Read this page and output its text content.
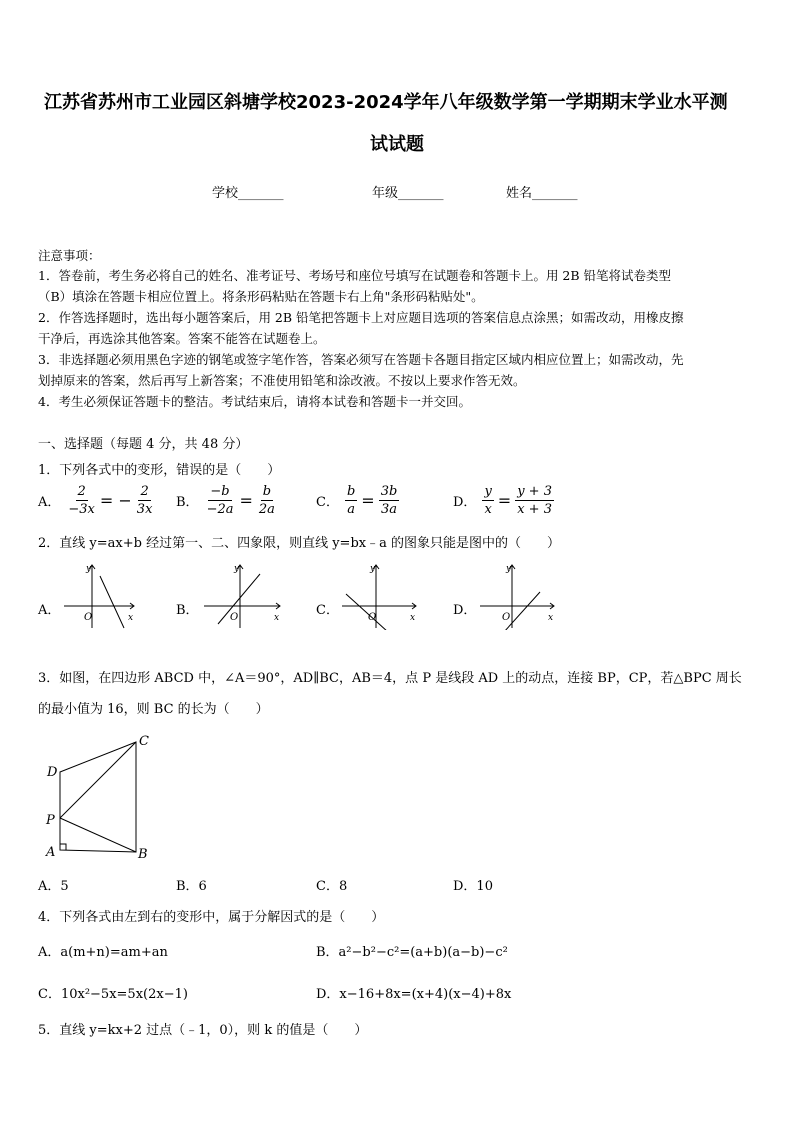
江苏省苏州市工业园区斜塘学校2023-2024学年八年级数学第一学期期末学业水平测
试试题
学校_______	年级_______	姓名_______
注意事项：
1．答卷前，考生务必将自己的姓名、准考证号、考场号和座位号填写在试题卷和答题卡上。用 2B 铅笔将试卷类型
（B）填涂在答题卡相应位置上。将条形码粘贴在答题卡右上角"条形码粘贴处"。
2．作答选择题时，选出每小题答案后，用 2B 铅笔把答题卡上对应题目选项的答案信息点涂黑；如需改动，用橡皮擦
干净后，再选涂其他答案。答案不能答在试题卷上。
3．非选择题必须用黑色字迹的钢笔或签字笔作答，答案必须写在答题卡各题目指定区域内相应位置上；如需改动，先
划掉原来的答案，然后再写上新答案；不准使用铅笔和涂改液。不按以上要求作答无效。
4．考生必须保证答题卡的整洁。考试结束后，请将本试卷和答题卡一并交回。
一、选择题（每题 4 分，共 48 分）
1．下列各式中的变形，错误的是（　　）
A． $\frac{2}{-3x}$ = − $\frac{2}{3x}$ B． $\frac{-b}{-2a} = \frac{b}{2a}$	C． $\frac{b}{a} = \frac{3b}{3a}$	D． $\frac{y}{x} = \frac{y + 3}{x + 3}$
2．直线 y=ax+b 经过第一、二、四象限，则直线 y=bx﹣a 的图象只能是图中的（　　）
A．
y
x
O	B．
y
x
O	C．
y
x
O	D．
y
x
O
3．如图，在四边形 ABCD 中，∠A＝90°，AD∥BC，AB＝4，点 P 是线段 AD 上的动点，连接 BP，CP，若△BPC 周长
的最小值为 16，则 BC 的长为（　　）
C
D
P
A	B
A．5	B．6	C．8	D．10
4．下列各式由左到右的变形中，属于分解因式的是（　　）
A．a(m+n)=am+an	B．a²−b²−c²=(a+b)(a−b)−c²
C．10x²−5x=5x(2x−1)	D．x−16+8x=(x+4)(x−4)+8x
5．直线 y=kx+2 过点（﹣1，0），则 k 的值是（　　）
